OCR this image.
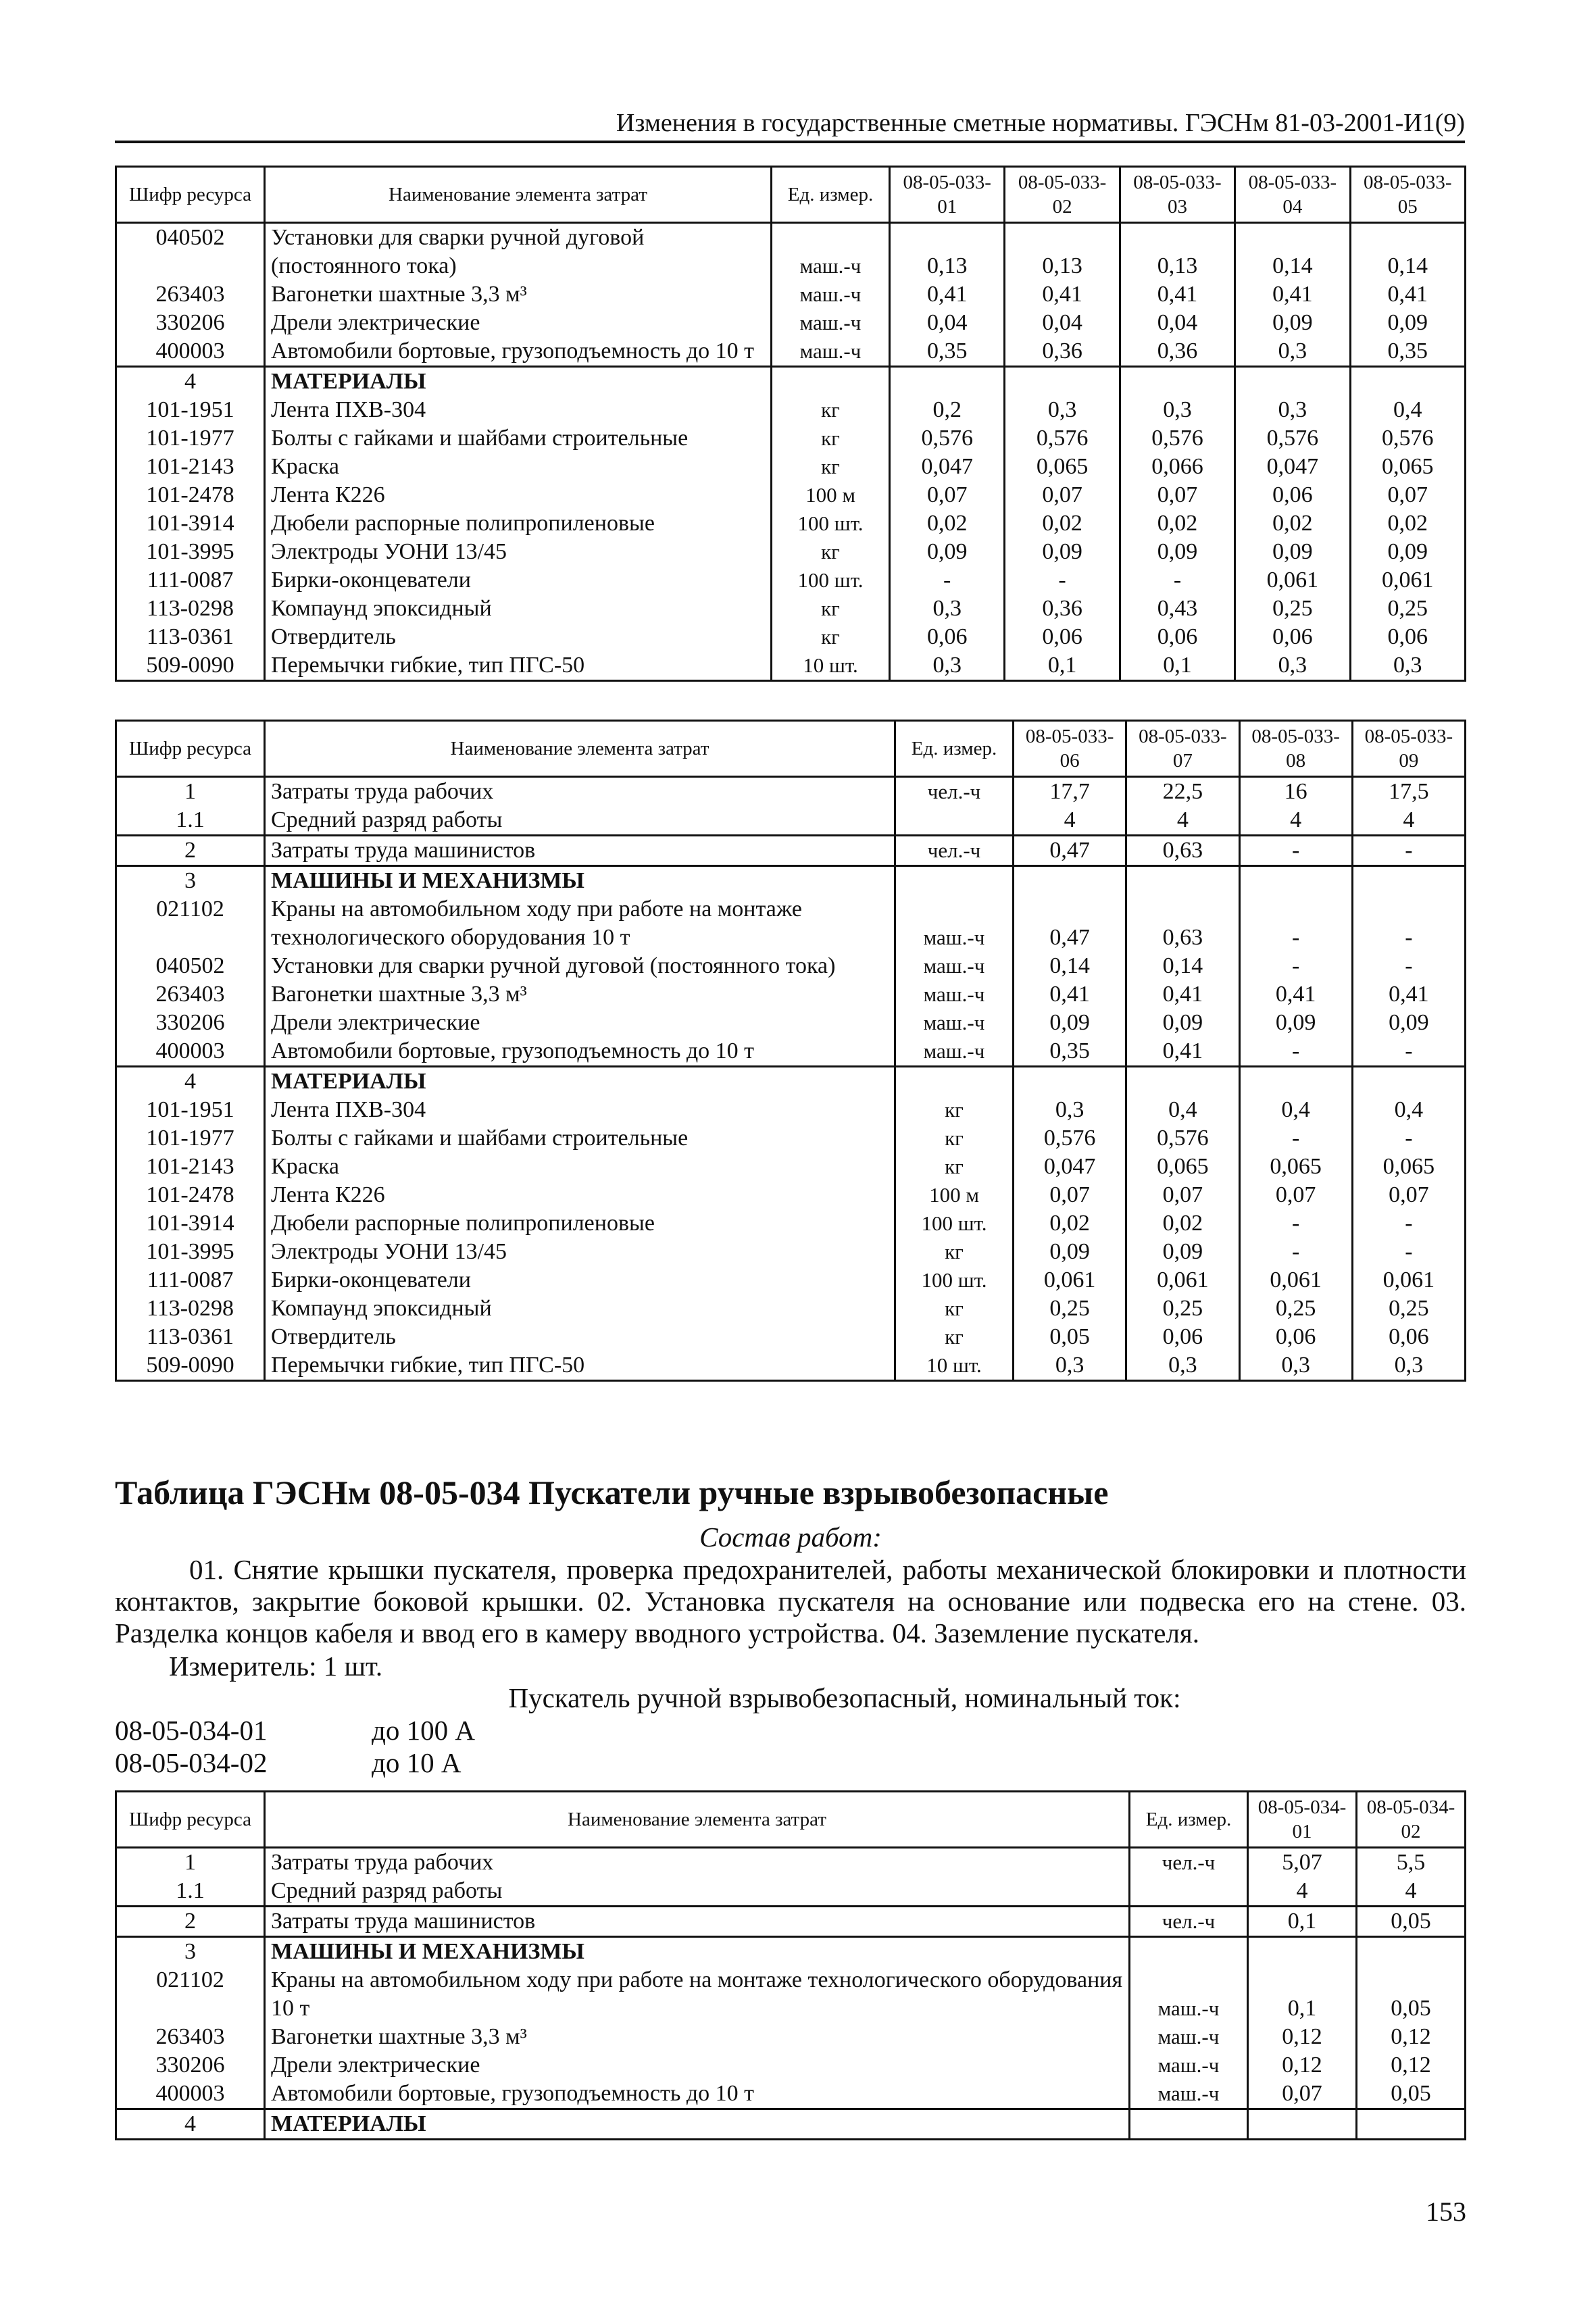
Изменения в государственные сметные нормативы. ГЭСНм 81-03-2001-И1(9)
Шифр ресурса	Наименование элемента затрат	Ед. измер.	08-05-033-01	08-05-033-02	08-05-033-03	08-05-033-04	08-05-033-05
040502	Установки для сварки ручной дуговой (постоянного тока)	маш.-ч	0,13	0,13	0,13	0,14	0,14
263403	Вагонетки шахтные 3,3 м³	маш.-ч	0,41	0,41	0,41	0,41	0,41
330206	Дрели электрические	маш.-ч	0,04	0,04	0,04	0,09	0,09
400003	Автомобили бортовые, грузоподъемность до 10 т	маш.-ч	0,35	0,36	0,36	0,3	0,35
4	МАТЕРИАЛЫ						
101-1951	Лента ПХВ-304	кг	0,2	0,3	0,3	0,3	0,4
101-1977	Болты с гайками и шайбами строительные	кг	0,576	0,576	0,576	0,576	0,576
101-2143	Краска	кг	0,047	0,065	0,066	0,047	0,065
101-2478	Лента К226	100 м	0,07	0,07	0,07	0,06	0,07
101-3914	Дюбели распорные полипропиленовые	100 шт.	0,02	0,02	0,02	0,02	0,02
101-3995	Электроды УОНИ 13/45	кг	0,09	0,09	0,09	0,09	0,09
111-0087	Бирки-оконцеватели	100 шт.	-	-	-	0,061	0,061
113-0298	Компаунд эпоксидный	кг	0,3	0,36	0,43	0,25	0,25
113-0361	Отвердитель	кг	0,06	0,06	0,06	0,06	0,06
509-0090	Перемычки гибкие, тип ПГС-50	10 шт.	0,3	0,1	0,1	0,3	0,3
Шифр ресурса	Наименование элемента затрат	Ед. измер.	08-05-033-06	08-05-033-07	08-05-033-08	08-05-033-09
1	Затраты труда рабочих	чел.-ч	17,7	22,5	16	17,5
1.1	Средний разряд работы		4	4	4	4
2	Затраты труда машинистов	чел.-ч	0,47	0,63	-	-
3	МАШИНЫ И МЕХАНИЗМЫ					
021102	Краны на автомобильном ходу при работе на монтаже технологического оборудования 10 т	маш.-ч	0,47	0,63	-	-
040502	Установки для сварки ручной дуговой (постоянного тока)	маш.-ч	0,14	0,14	-	-
263403	Вагонетки шахтные 3,3 м³	маш.-ч	0,41	0,41	0,41	0,41
330206	Дрели электрические	маш.-ч	0,09	0,09	0,09	0,09
400003	Автомобили бортовые, грузоподъемность до 10 т	маш.-ч	0,35	0,41	-	-
4	МАТЕРИАЛЫ					
101-1951	Лента ПХВ-304	кг	0,3	0,4	0,4	0,4
101-1977	Болты с гайками и шайбами строительные	кг	0,576	0,576	-	-
101-2143	Краска	кг	0,047	0,065	0,065	0,065
101-2478	Лента К226	100 м	0,07	0,07	0,07	0,07
101-3914	Дюбели распорные полипропиленовые	100 шт.	0,02	0,02	-	-
101-3995	Электроды УОНИ 13/45	кг	0,09	0,09	-	-
111-0087	Бирки-оконцеватели	100 шт.	0,061	0,061	0,061	0,061
113-0298	Компаунд эпоксидный	кг	0,25	0,25	0,25	0,25
113-0361	Отвердитель	кг	0,05	0,06	0,06	0,06
509-0090	Перемычки гибкие, тип ПГС-50	10 шт.	0,3	0,3	0,3	0,3
Таблица ГЭСНм 08-05-034 Пускатели ручные взрывобезопасные
Состав работ:
01. Снятие крышки пускателя, проверка предохранителей, работы механической блокировки и плотности контактов, закрытие боковой крышки. 02. Установка пускателя на основание или подвеска его на стене. 03. Разделка концов кабеля и ввод его в камеру вводного устройства. 04. Заземление пускателя.
Измеритель: 1 шт.
Пускатель ручной взрывобезопасный, номинальный ток:
08-05-034-01	до 100 А
08-05-034-02	до 10 А
Шифр ресурса	Наименование элемента затрат	Ед. измер.	08-05-034-01	08-05-034-02
1	Затраты труда рабочих	чел.-ч	5,07	5,5
1.1	Средний разряд работы		4	4
2	Затраты труда машинистов	чел.-ч	0,1	0,05
3	МАШИНЫ И МЕХАНИЗМЫ			
021102	Краны на автомобильном ходу при работе на монтаже технологического оборудования 10 т	маш.-ч	0,1	0,05
263403	Вагонетки шахтные 3,3 м³	маш.-ч	0,12	0,12
330206	Дрели электрические	маш.-ч	0,12	0,12
400003	Автомобили бортовые, грузоподъемность до 10 т	маш.-ч	0,07	0,05
4	МАТЕРИАЛЫ			
153
